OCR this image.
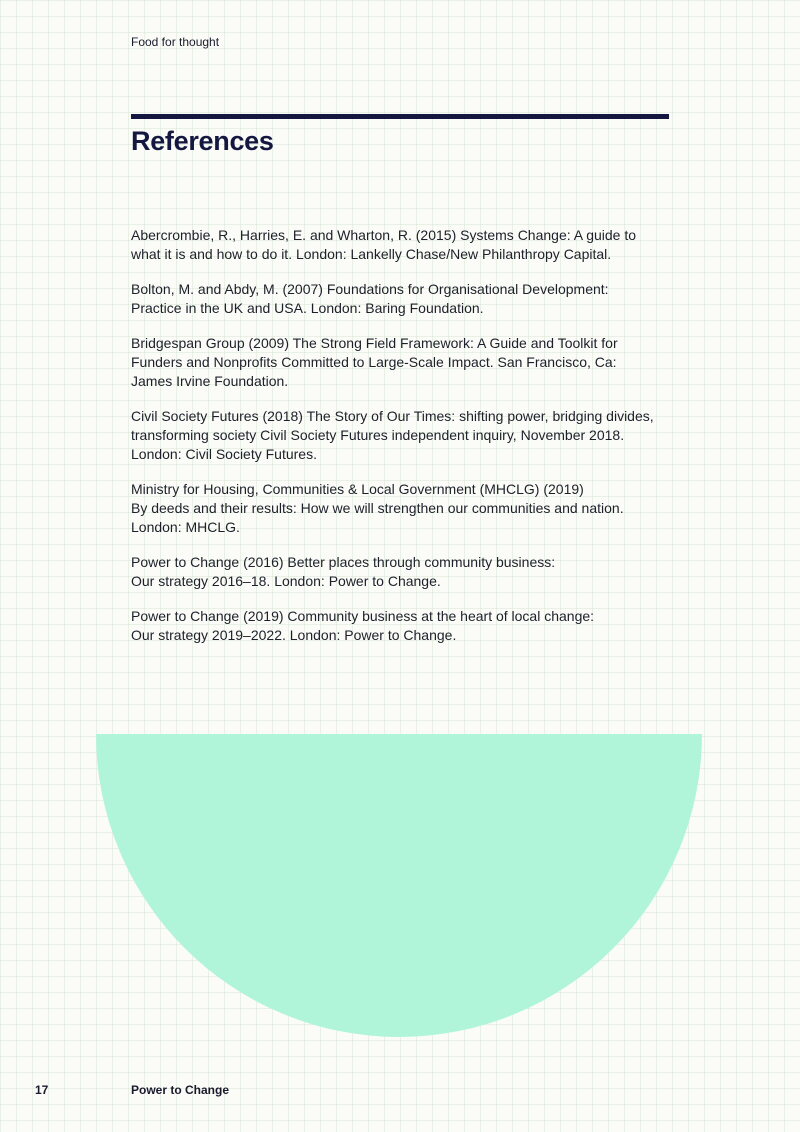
Food for thought
References
Abercrombie, R., Harries, E. and Wharton, R. (2015) Systems Change: A guide to
what it is and how to do it. London: Lankelly Chase/New Philanthropy Capital.
Bolton, M. and Abdy, M. (2007) Foundations for Organisational Development:
Practice in the UK and USA. London: Baring Foundation.
Bridgespan Group (2009) The Strong Field Framework: A Guide and Toolkit for
Funders and Nonprofits Committed to Large-Scale Impact. San Francisco, Ca:
James Irvine Foundation.
Civil Society Futures (2018) The Story of Our Times: shifting power, bridging divides,
transforming society Civil Society Futures independent inquiry, November 2018.
London: Civil Society Futures.
Ministry for Housing, Communities & Local Government (MHCLG) (2019)
By deeds and their results: How we will strengthen our communities and nation.
London: MHCLG.
Power to Change (2016) Better places through community business:
Our strategy 2016–18. London: Power to Change.
Power to Change (2019) Community business at the heart of local change:
Our strategy 2019–2022. London: Power to Change.
17	Power to Change
